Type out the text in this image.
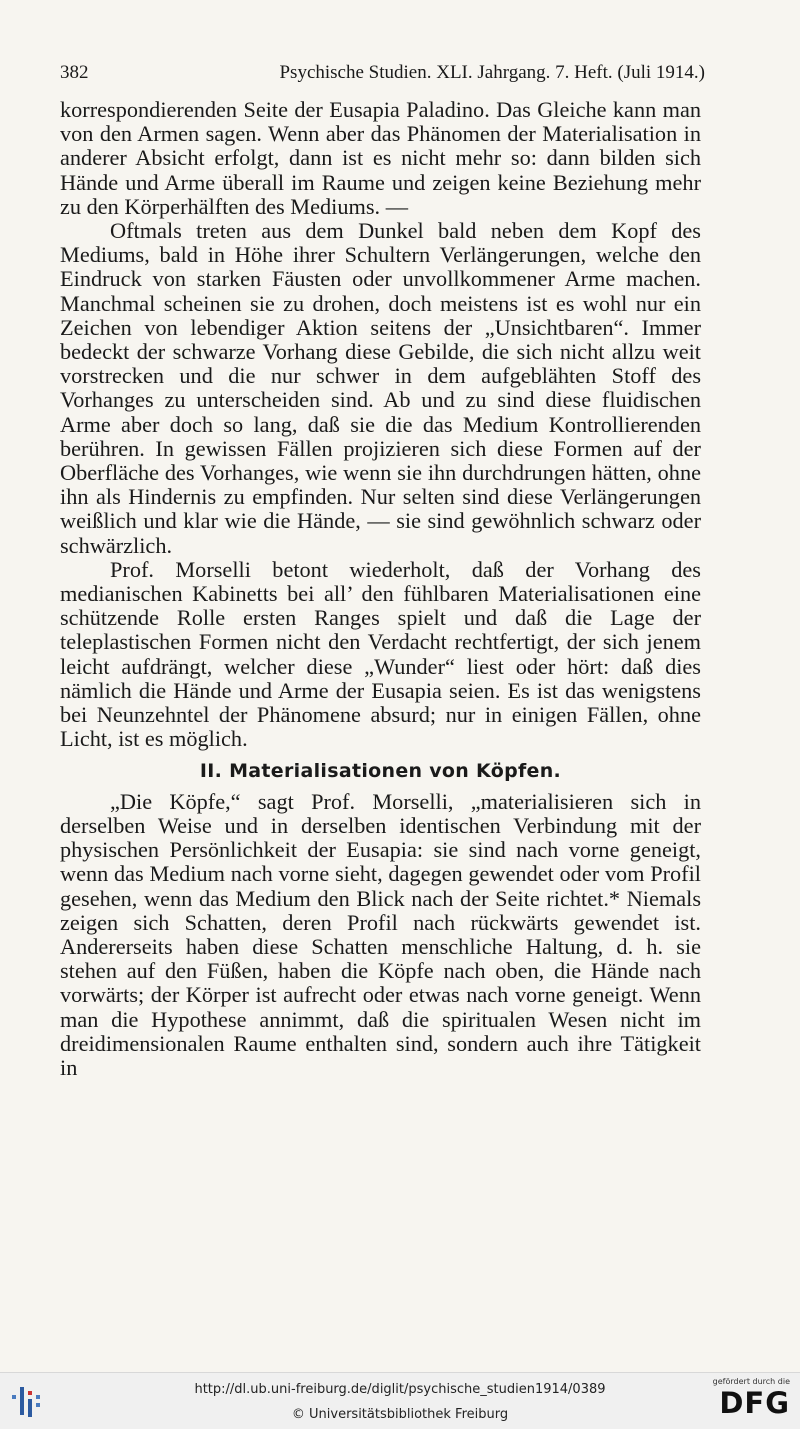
382	Psychische Studien. XLI. Jahrgang. 7. Heft. (Juli 1914.)

korrespondierenden Seite der Eusapia Paladino. Das Gleiche kann man von den Armen sagen. Wenn aber das Phänomen der Materialisation in anderer Absicht erfolgt, dann ist es nicht mehr so: dann bilden sich Hände und Arme überall im Raume und zeigen keine Beziehung mehr zu den Körperhälften des Mediums. —

Oftmals treten aus dem Dunkel bald neben dem Kopf des Mediums, bald in Höhe ihrer Schultern Verlängerungen, welche den Eindruck von starken Fäusten oder unvollkommener Arme machen. Manchmal scheinen sie zu drohen, doch meistens ist es wohl nur ein Zeichen von lebendiger Aktion seitens der „Unsichtbaren“. Immer bedeckt der schwarze Vorhang diese Gebilde, die sich nicht allzu weit vorstrecken und die nur schwer in dem aufgeblähten Stoff des Vorhanges zu unterscheiden sind. Ab und zu sind diese fluidischen Arme aber doch so lang, daß sie die das Medium Kontrollierenden berühren. In gewissen Fällen projizieren sich diese Formen auf der Oberfläche des Vorhanges, wie wenn sie ihn durchdrungen hätten, ohne ihn als Hindernis zu empfinden. Nur selten sind diese Verlängerungen weißlich und klar wie die Hände, — sie sind gewöhnlich schwarz oder schwärzlich.

Prof. Morselli betont wiederholt, daß der Vorhang des medianischen Kabinetts bei all’ den fühlbaren Materialisationen eine schützende Rolle ersten Ranges spielt und daß die Lage der teleplastischen Formen nicht den Verdacht rechtfertigt, der sich jenem leicht aufdrängt, welcher diese „Wunder“ liest oder hört: daß dies nämlich die Hände und Arme der Eusapia seien. Es ist das wenigstens bei Neunzehntel der Phänomene absurd; nur in einigen Fällen, ohne Licht, ist es möglich.

II. Materialisationen von Köpfen.

„Die Köpfe,“ sagt Prof. Morselli, „materialisieren sich in derselben Weise und in derselben identischen Verbindung mit der physischen Persönlichkeit der Eusapia: sie sind nach vorne geneigt, wenn das Medium nach vorne sieht, dagegen gewendet oder vom Profil gesehen, wenn das Medium den Blick nach der Seite richtet.* Niemals zeigen sich Schatten, deren Profil nach rückwärts gewendet ist. Andererseits haben diese Schatten menschliche Haltung, d. h. sie stehen auf den Füßen, haben die Köpfe nach oben, die Hände nach vorwärts; der Körper ist aufrecht oder etwas nach vorne geneigt. Wenn man die Hypothese annimmt, daß die spiritualen Wesen nicht im dreidimensionalen Raume enthalten sind, sondern auch ihre Tätigkeit in

http://dl.ub.uni-freiburg.de/diglit/psychische_studien1914/0389
© Universitätsbibliothek Freiburg
gefördert durch die
DFG
